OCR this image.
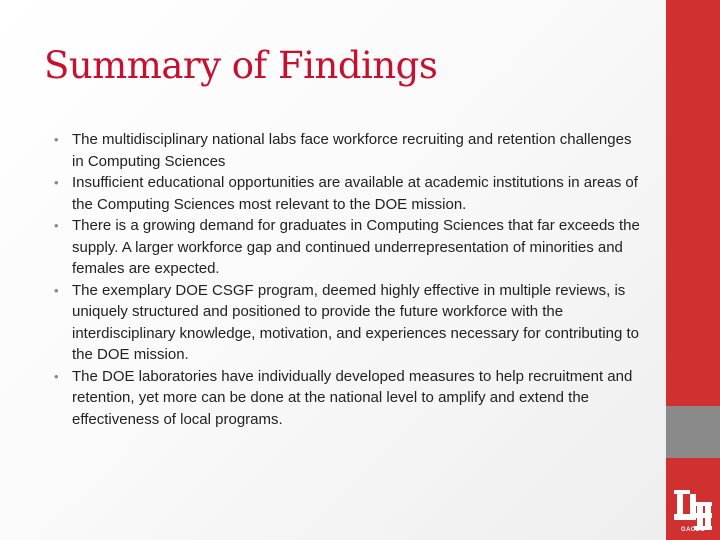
Summary of Findings
• The multidisciplinary national labs face workforce recruiting and retention challenges in Computing Sciences
• Insufficient educational opportunities are available at academic institutions in areas of the Computing Sciences most relevant to the DOE mission.
• There is a growing demand for graduates in Computing Sciences that far exceeds the supply. A larger workforce gap and continued underrepresentation of minorities and females are expected.
• The exemplary DOE CSGF program, deemed highly effective in multiple reviews, is uniquely structured and positioned to provide the future workforce with the interdisciplinary knowledge, motivation, and experiences necessary for contributing to the DOE mission.
• The DOE laboratories have individually developed measures to help recruitment and retention, yet more can be done at the national level to amplify and extend the effectiveness of local programs.
GACDS
